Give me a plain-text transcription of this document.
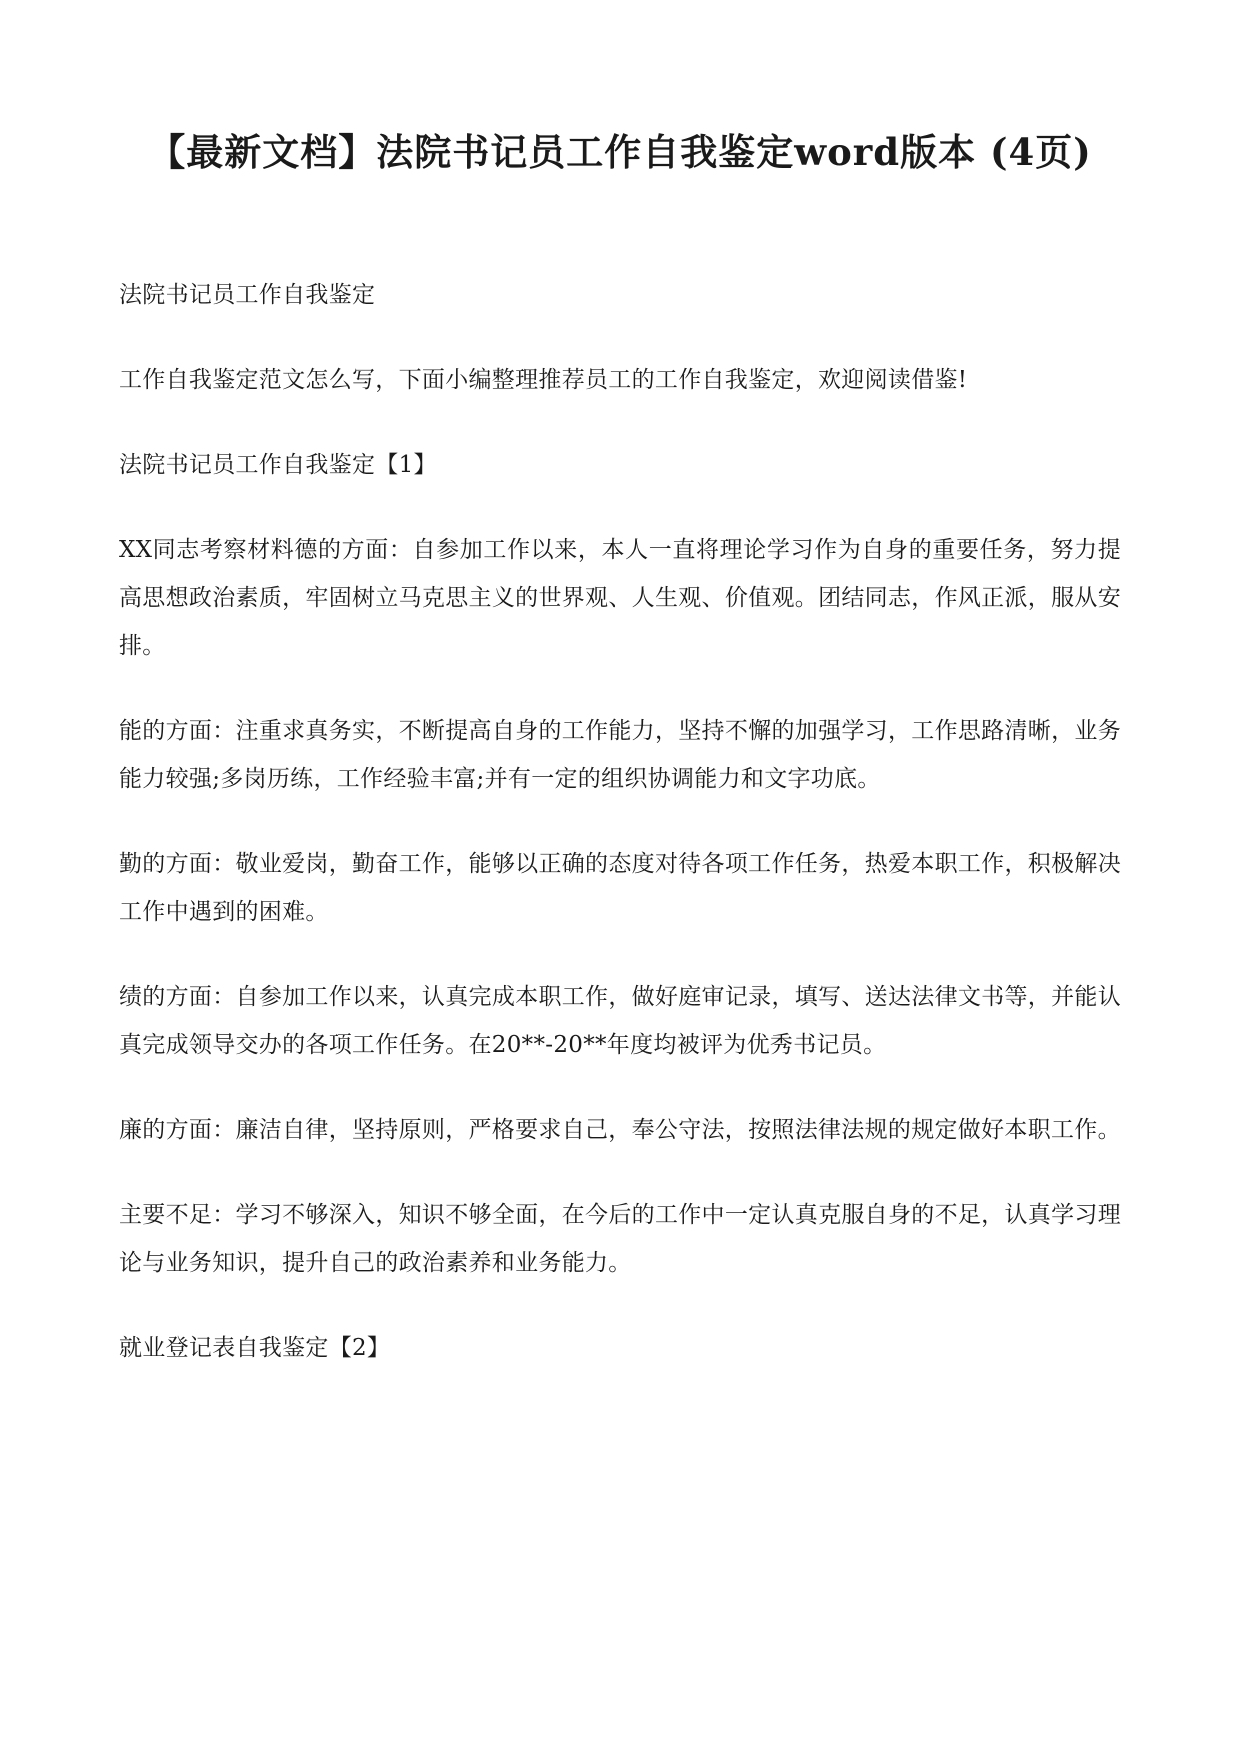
【最新文档】法院书记员工作自我鉴定word版本 (4页)

法院书记员工作自我鉴定

工作自我鉴定范文怎么写，下面小编整理推荐员工的工作自我鉴定，欢迎阅读借鉴!

法院书记员工作自我鉴定【1】

XX同志考察材料德的方面：自参加工作以来，本人一直将理论学习作为自身的重要任务，努力提高思想政治素质，牢固树立马克思主义的世界观、人生观、价值观。团结同志，作风正派，服从安排。

能的方面：注重求真务实，不断提高自身的工作能力，坚持不懈的加强学习，工作思路清晰，业务能力较强;多岗历练，工作经验丰富;并有一定的组织协调能力和文字功底。

勤的方面：敬业爱岗，勤奋工作，能够以正确的态度对待各项工作任务，热爱本职工作，积极解决工作中遇到的困难。

绩的方面：自参加工作以来，认真完成本职工作，做好庭审记录，填写、送达法律文书等，并能认真完成领导交办的各项工作任务。在20**-20**年度均被评为优秀书记员。

廉的方面：廉洁自律，坚持原则，严格要求自己，奉公守法，按照法律法规的规定做好本职工作。

主要不足：学习不够深入，知识不够全面，在今后的工作中一定认真克服自身的不足，认真学习理论与业务知识，提升自己的政治素养和业务能力。

就业登记表自我鉴定【2】
